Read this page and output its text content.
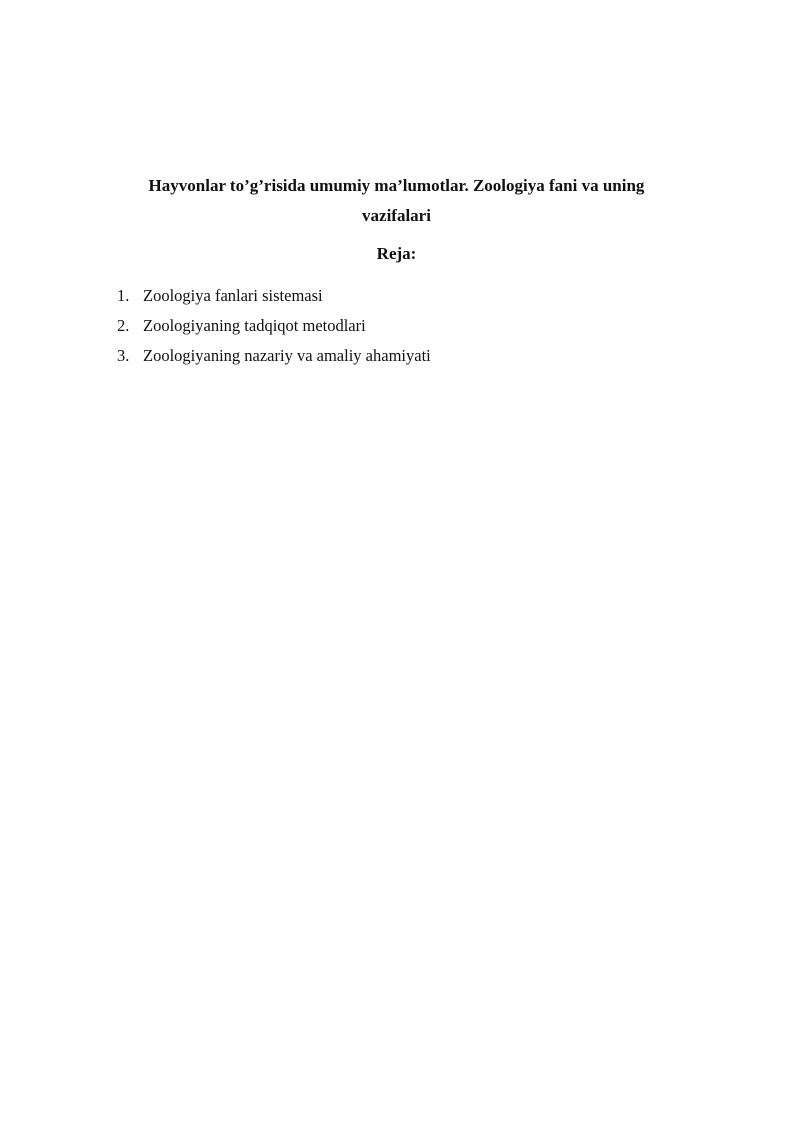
Hayvonlar to’g’risida umumiy ma’lumotlar. Zoologiya fani va uning
vazifalari
Reja:
1. Zoologiya fanlari sistemasi
2. Zoologiyaning tadqiqot metodlari
3. Zoologiyaning nazariy va amaliy ahamiyati
